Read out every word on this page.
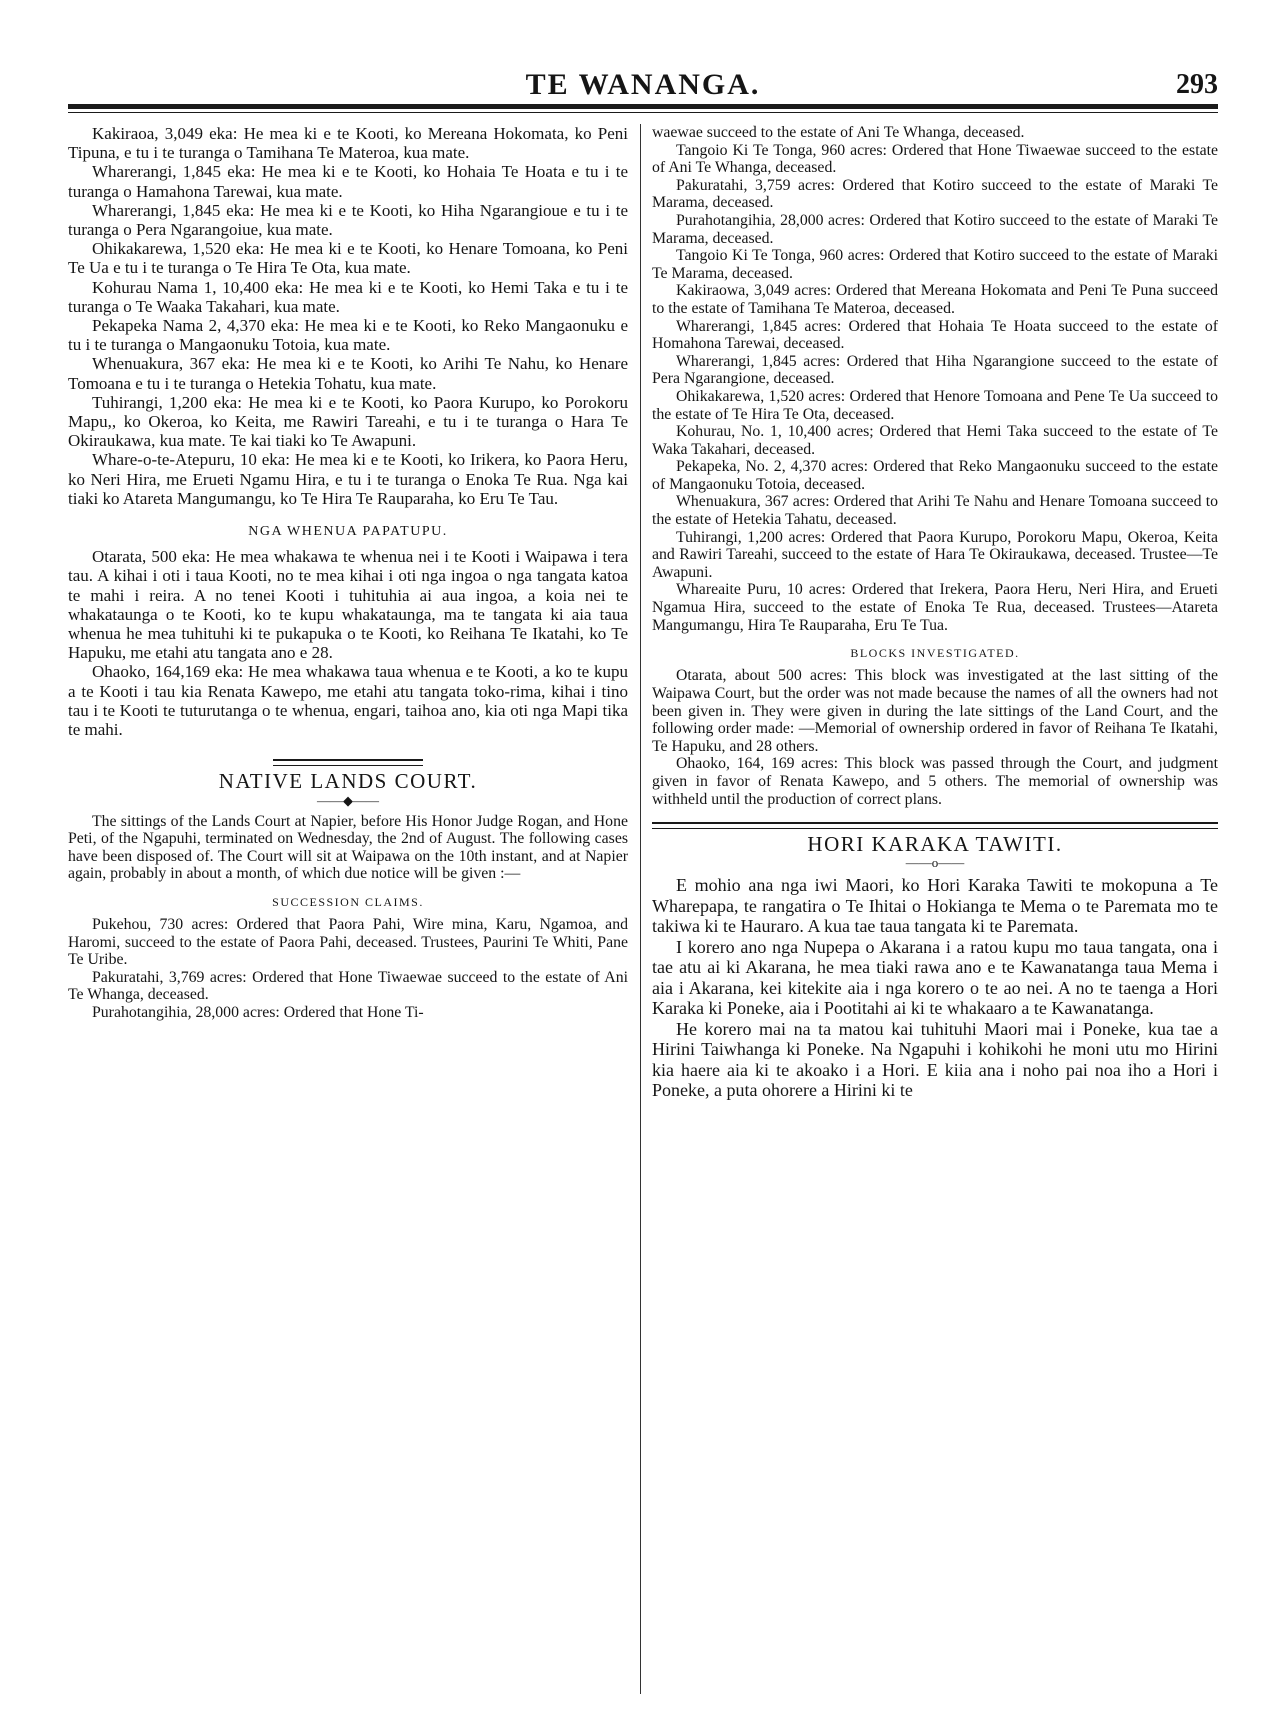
TE WANANGA.	293

Kakiraoa, 3,049 eka: He mea ki e te Kooti, ko Mereana Hokomata, ko Peni Tipuna, e tu i te turanga o Tamihana Te Materoa, kua mate.

Wharerangi, 1,845 eka: He mea ki e te Kooti, ko Hohaia Te Hoata e tu i te turanga o Hamahona Tarewai, kua mate.

Wharerangi, 1,845 eka: He mea ki e te Kooti, ko Hiha Ngarangioue e tu i te turanga o Pera Ngarangoiue, kua mate.

Ohikakarewa, 1,520 eka: He mea ki e te Kooti, ko Henare Tomoana, ko Peni Te Ua e tu i te turanga o Te Hira Te Ota, kua mate.

Kohurau Nama 1, 10,400 eka: He mea ki e te Kooti, ko Hemi Taka e tu i te turanga o Te Waaka Takahari, kua mate.

Pekapeka Nama 2, 4,370 eka: He mea ki e te Kooti, ko Reko Mangaonuku e tu i te turanga o Mangaonuku Totoia, kua mate.

Whenuakura, 367 eka: He mea ki e te Kooti, ko Arihi Te Nahu, ko Henare Tomoana e tu i te turanga o Hetekia Tohatu, kua mate.

Tuhirangi, 1,200 eka: He mea ki e te Kooti, ko Paora Kurupo, ko Porokoru Mapu,, ko Okeroa, ko Keita, me Rawiri Tareahi, e tu i te turanga o Hara Te Okiraukawa, kua mate. Te kai tiaki ko Te Awapuni.

Whare-o-te-Atepuru, 10 eka: He mea ki e te Kooti, ko Irikera, ko Paora Heru, ko Neri Hira, me Erueti Ngamu Hira, e tu i te turanga o Enoka Te Rua. Nga kai tiaki ko Atareta Mangumangu, ko Te Hira Te Rauparaha, ko Eru Te Tau.

NGA WHENUA PAPATUPU.

Otarata, 500 eka: He mea whakawa te whenua nei i te Kooti i Waipawa i tera tau. A kihai i oti i taua Kooti, no te mea kihai i oti nga ingoa o nga tangata katoa te mahi i reira. A no tenei Kooti i tuhituhia ai aua ingoa, a koia nei te whakataunga o te Kooti, ko te kupu whakataunga, ma te tangata ki aia taua whenua he mea tuhituhi ki te pukapuka o te Kooti, ko Reihana Te Ikatahi, ko Te Hapuku, me etahi atu tangata ano e 28.

Ohaoko, 164,169 eka: He mea whakawa taua whenua e te Kooti, a ko te kupu a te Kooti i tau kia Renata Kawepo, me etahi atu tangata toko-rima, kihai i tino tau i te Kooti te tuturutanga o te whenua, engari, taihoa ano, kia oti nga Mapi tika te mahi.

NATIVE LANDS COURT.
——◆——

The sittings of the Lands Court at Napier, before His Honor Judge Rogan, and Hone Peti, of the Ngapuhi, terminated on Wednesday, the 2nd of August. The following cases have been disposed of. The Court will sit at Waipawa on the 10th instant, and at Napier again, probably in about a month, of which due notice will be given :—

SUCCESSION CLAIMS.

Pukehou, 730 acres: Ordered that Paora Pahi, Wire mina, Karu, Ngamoa, and Haromi, succeed to the estate of Paora Pahi, deceased. Trustees, Paurini Te Whiti, Pane Te Uribe.

Pakuratahi, 3,769 acres: Ordered that Hone Tiwaewae succeed to the estate of Ani Te Whanga, deceased.

Purahotangihia, 28,000 acres: Ordered that Hone Ti-

waewae succeed to the estate of Ani Te Whanga, deceased.

Tangoio Ki Te Tonga, 960 acres: Ordered that Hone Tiwaewae succeed to the estate of Ani Te Whanga, deceased.

Pakuratahi, 3,759 acres: Ordered that Kotiro succeed to the estate of Maraki Te Marama, deceased.

Purahotangihia, 28,000 acres: Ordered that Kotiro succeed to the estate of Maraki Te Marama, deceased.

Tangoio Ki Te Tonga, 960 acres: Ordered that Kotiro succeed to the estate of Maraki Te Marama, deceased.

Kakiraowa, 3,049 acres: Ordered that Mereana Hokomata and Peni Te Puna succeed to the estate of Tamihana Te Materoa, deceased.

Wharerangi, 1,845 acres: Ordered that Hohaia Te Hoata succeed to the estate of Homahona Tarewai, deceased.

Wharerangi, 1,845 acres: Ordered that Hiha Ngarangione succeed to the estate of Pera Ngarangione, deceased.

Ohikakarewa, 1,520 acres: Ordered that Henore Tomoana and Pene Te Ua succeed to the estate of Te Hira Te Ota, deceased.

Kohurau, No. 1, 10,400 acres; Ordered that Hemi Taka succeed to the estate of Te Waka Takahari, deceased.

Pekapeka, No. 2, 4,370 acres: Ordered that Reko Mangaonuku succeed to the estate of Mangaonuku Totoia, deceased.

Whenuakura, 367 acres: Ordered that Arihi Te Nahu and Henare Tomoana succeed to the estate of Hetekia Tahatu, deceased.

Tuhirangi, 1,200 acres: Ordered that Paora Kurupo, Porokoru Mapu, Okeroa, Keita and Rawiri Tareahi, succeed to the estate of Hara Te Okiraukawa, deceased. Trustee—Te Awapuni.

Whareaite Puru, 10 acres: Ordered that Irekera, Paora Heru, Neri Hira, and Erueti Ngamua Hira, succeed to the estate of Enoka Te Rua, deceased. Trustees—Atareta Mangumangu, Hira Te Rauparaha, Eru Te Tua.

BLOCKS INVESTIGATED.

Otarata, about 500 acres: This block was investigated at the last sitting of the Waipawa Court, but the order was not made because the names of all the owners had not been given in. They were given in during the late sittings of the Land Court, and the following order made: —Memorial of ownership ordered in favor of Reihana Te Ikatahi, Te Hapuku, and 28 others.

Ohaoko, 164, 169 acres: This block was passed through the Court, and judgment given in favor of Renata Kawepo, and 5 others. The memorial of ownership was withheld until the production of correct plans.

HORI KARAKA TAWITI.
——o——

E mohio ana nga iwi Maori, ko Hori Karaka Tawiti te mokopuna a Te Wharepapa, te rangatira o Te Ihitai o Hokianga te Mema o te Paremata mo te takiwa ki te Hauraro. A kua tae taua tangata ki te Paremata.

I korero ano nga Nupepa o Akarana i a ratou kupu mo taua tangata, ona i tae atu ai ki Akarana, he mea tiaki rawa ano e te Kawanatanga taua Mema i aia i Akarana, kei kitekite aia i nga korero o te ao nei. A no te taenga a Hori Karaka ki Poneke, aia i Pootitahi ai ki te whakaaro a te Kawanatanga.

He korero mai na ta matou kai tuhituhi Maori mai i Poneke, kua tae a Hirini Taiwhanga ki Poneke. Na Ngapuhi i kohikohi he moni utu mo Hirini kia haere aia ki te akoako i a Hori. E kiia ana i noho pai noa iho a Hori i Poneke, a puta ohorere a Hirini ki te
